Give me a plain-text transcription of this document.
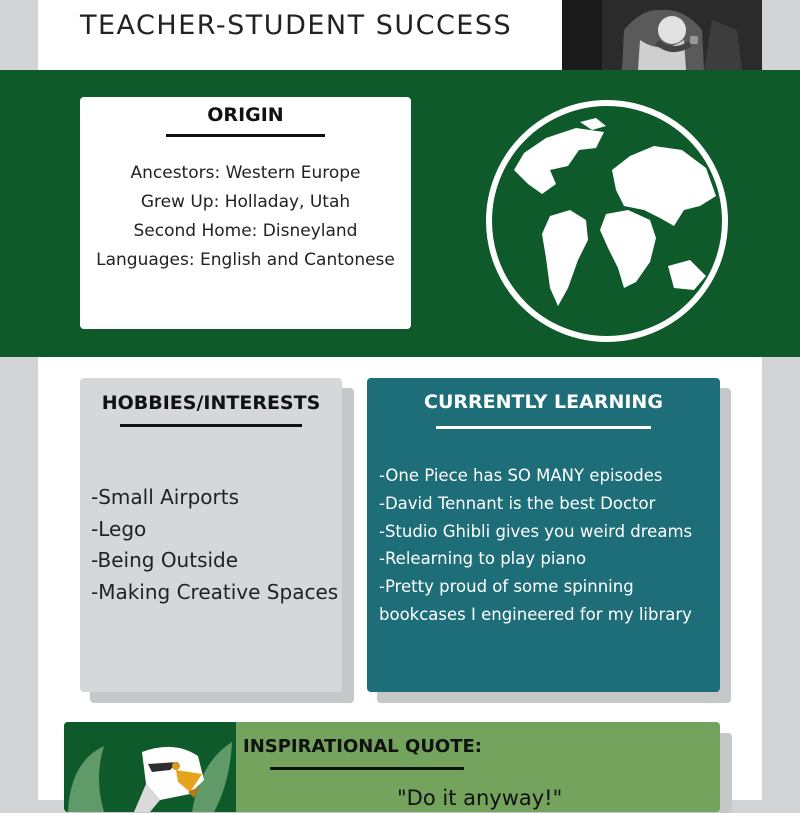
TEACHER-STUDENT SUCCESS
ORIGIN
Ancestors: Western Europe
Grew Up: Holladay, Utah
Second Home: Disneyland
Languages: English and Cantonese
HOBBIES/INTERESTS
-Small Airports
-Lego
-Being Outside
-Making Creative Spaces
CURRENTLY LEARNING
-One Piece has SO MANY episodes
-David Tennant is the best Doctor
-Studio Ghibli gives you weird dreams
-Relearning to play piano
-Pretty proud of some spinning
bookcases I engineered for my library
INSPIRATIONAL QUOTE:
"Do it anyway!"
